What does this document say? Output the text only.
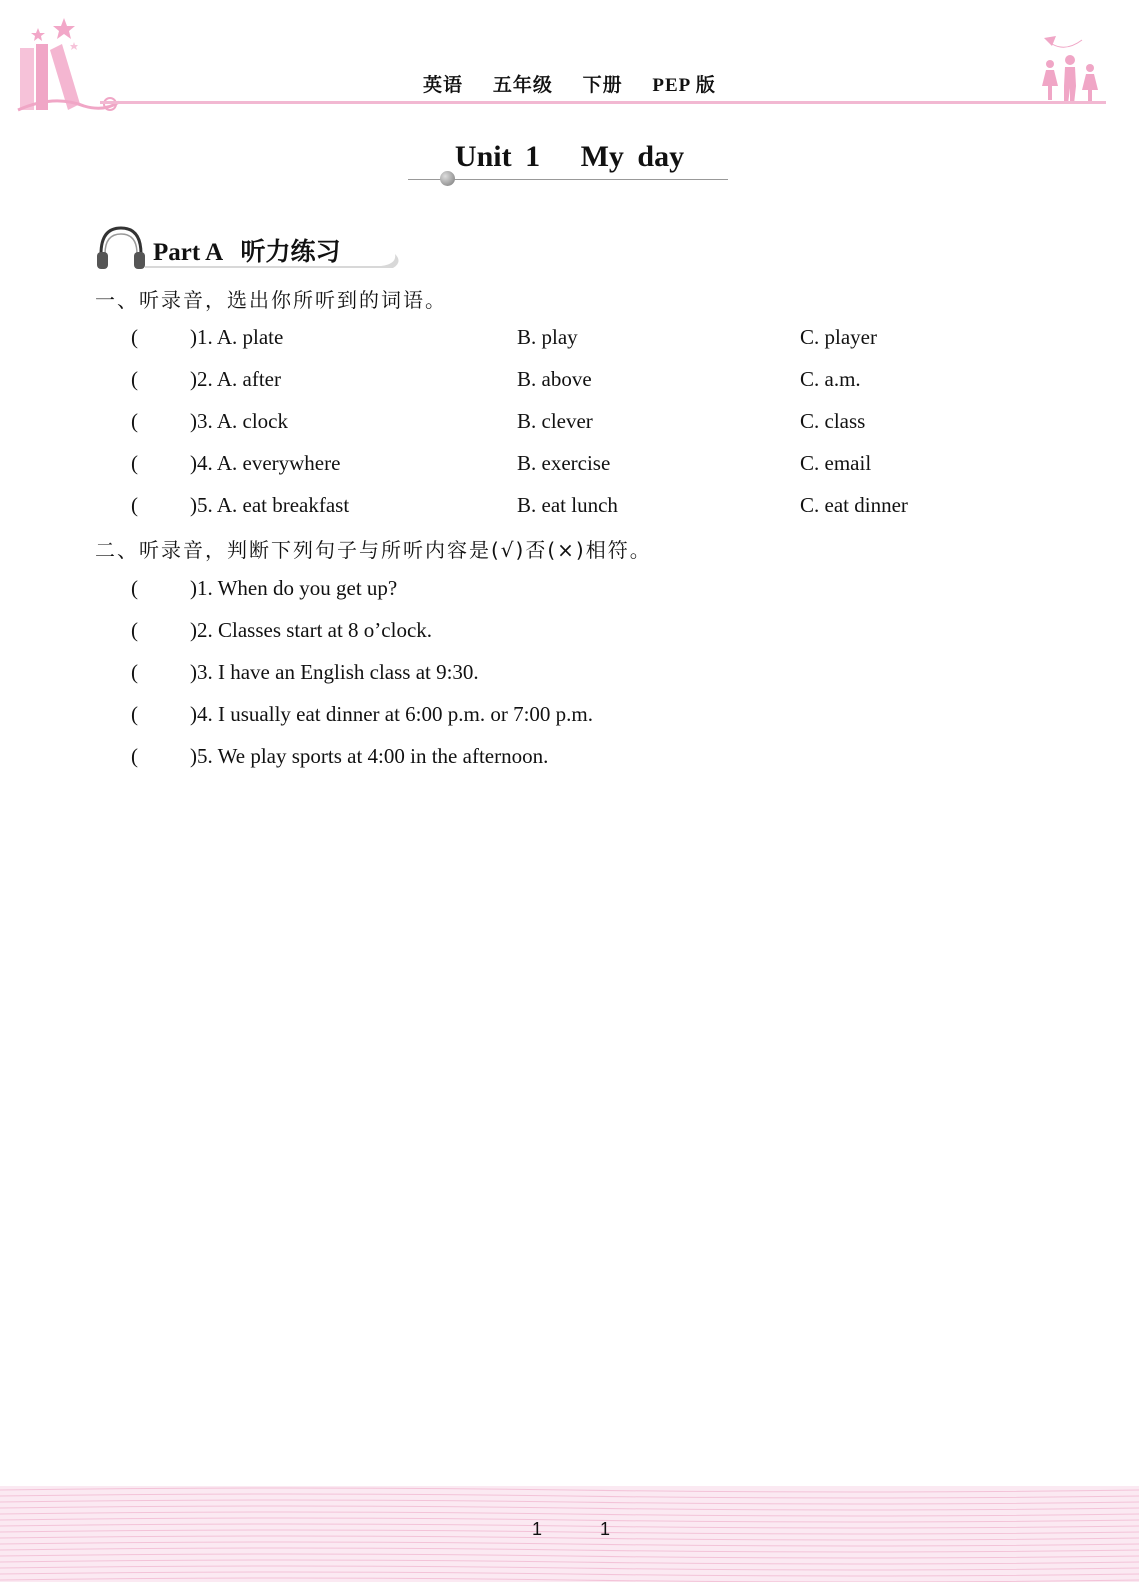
英语 五年级 下册 PEP 版
Unit 1   My day
Part A   听力练习
一、听录音，选出你所听到的词语。
( )1. A. plate	B. play	C. player
( )2. A. after	B. above	C. a.m.
( )3. A. clock	B. clever	C. class
( )4. A. everywhere	B. exercise	C. email
( )5. A. eat breakfast	B. eat lunch	C. eat dinner
二、听录音，判断下列句子与所听内容是(√)否(×)相符。
( )1. When do you get up?
( )2. Classes start at 8 o’clock.
( )3. I have an English class at 9:30.
( )4. I usually eat dinner at 6:00 p.m. or 7:00 p.m.
( )5. We play sports at 4:00 in the afternoon.
1	1
